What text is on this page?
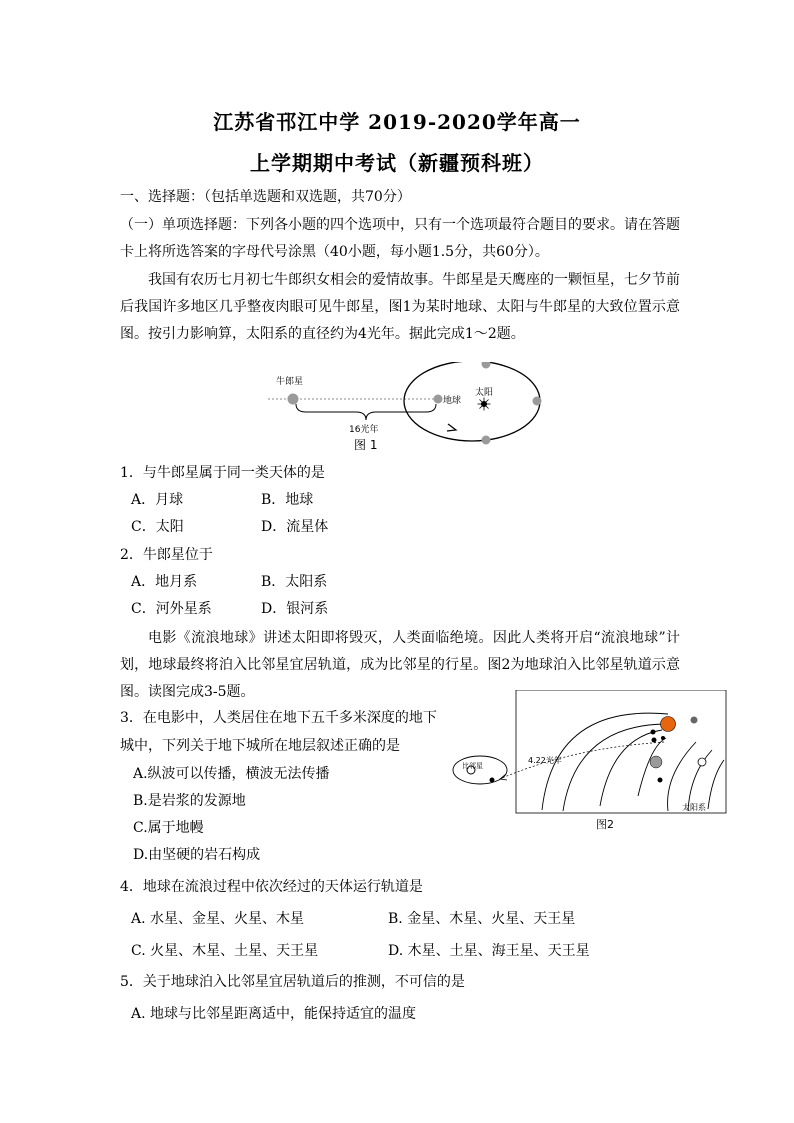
江苏省邗江中学 2019-2020学年高一
上学期期中考试（新疆预科班）
一、选择题：（包括单选题和双选题，共70分）
（一）单项选择题：下列各小题的四个选项中，只有一个选项最符合题目的要求。请在答题卡上将所选答案的字母代号涂黑（40小题，每小题1.5分，共60分）。
我国有农历七月初七牛郎织女相会的爱情故事。牛郎星是天鹰座的一颗恒星，七夕节前后我国许多地区几乎整夜肉眼可见牛郎星，图1为某时地球、太阳与牛郎星的大致位置示意图。按引力影响算，太阳系的直径约为4光年。据此完成1～2题。
牛郎星
地球
太阳
16光年
图 1
1．与牛郎星属于同一类天体的是
A．月球	B．地球
C．太阳	D．流星体
2．牛郎星位于
A．地月系	B．太阳系
C．河外星系	D．银河系
电影《流浪地球》讲述太阳即将毁灭，人类面临绝境。因此人类将开启“流浪地球”计划，地球最终将泊入比邻星宜居轨道，成为比邻星的行星。图2为地球泊入比邻星轨道示意图。读图完成3-5题。
3．在电影中，人类居住在地下五千多米深度的地下
城中，下列关于地下城所在地层叙述正确的是
A.纵波可以传播，横波无法传播
B.是岩浆的发源地
C.属于地幔
D.由坚硬的岩石构成
比邻星
4.22光年
太阳系
图2
4．地球在流浪过程中依次经过的天体运行轨道是
A. 水星、金星、火星、木星	B. 金星、木星、火星、天王星
C. 火星、木星、土星、天王星	D. 木星、土星、海王星、天王星
5．关于地球泊入比邻星宜居轨道后的推测，不可信的是
A. 地球与比邻星距离适中，能保持适宜的温度
